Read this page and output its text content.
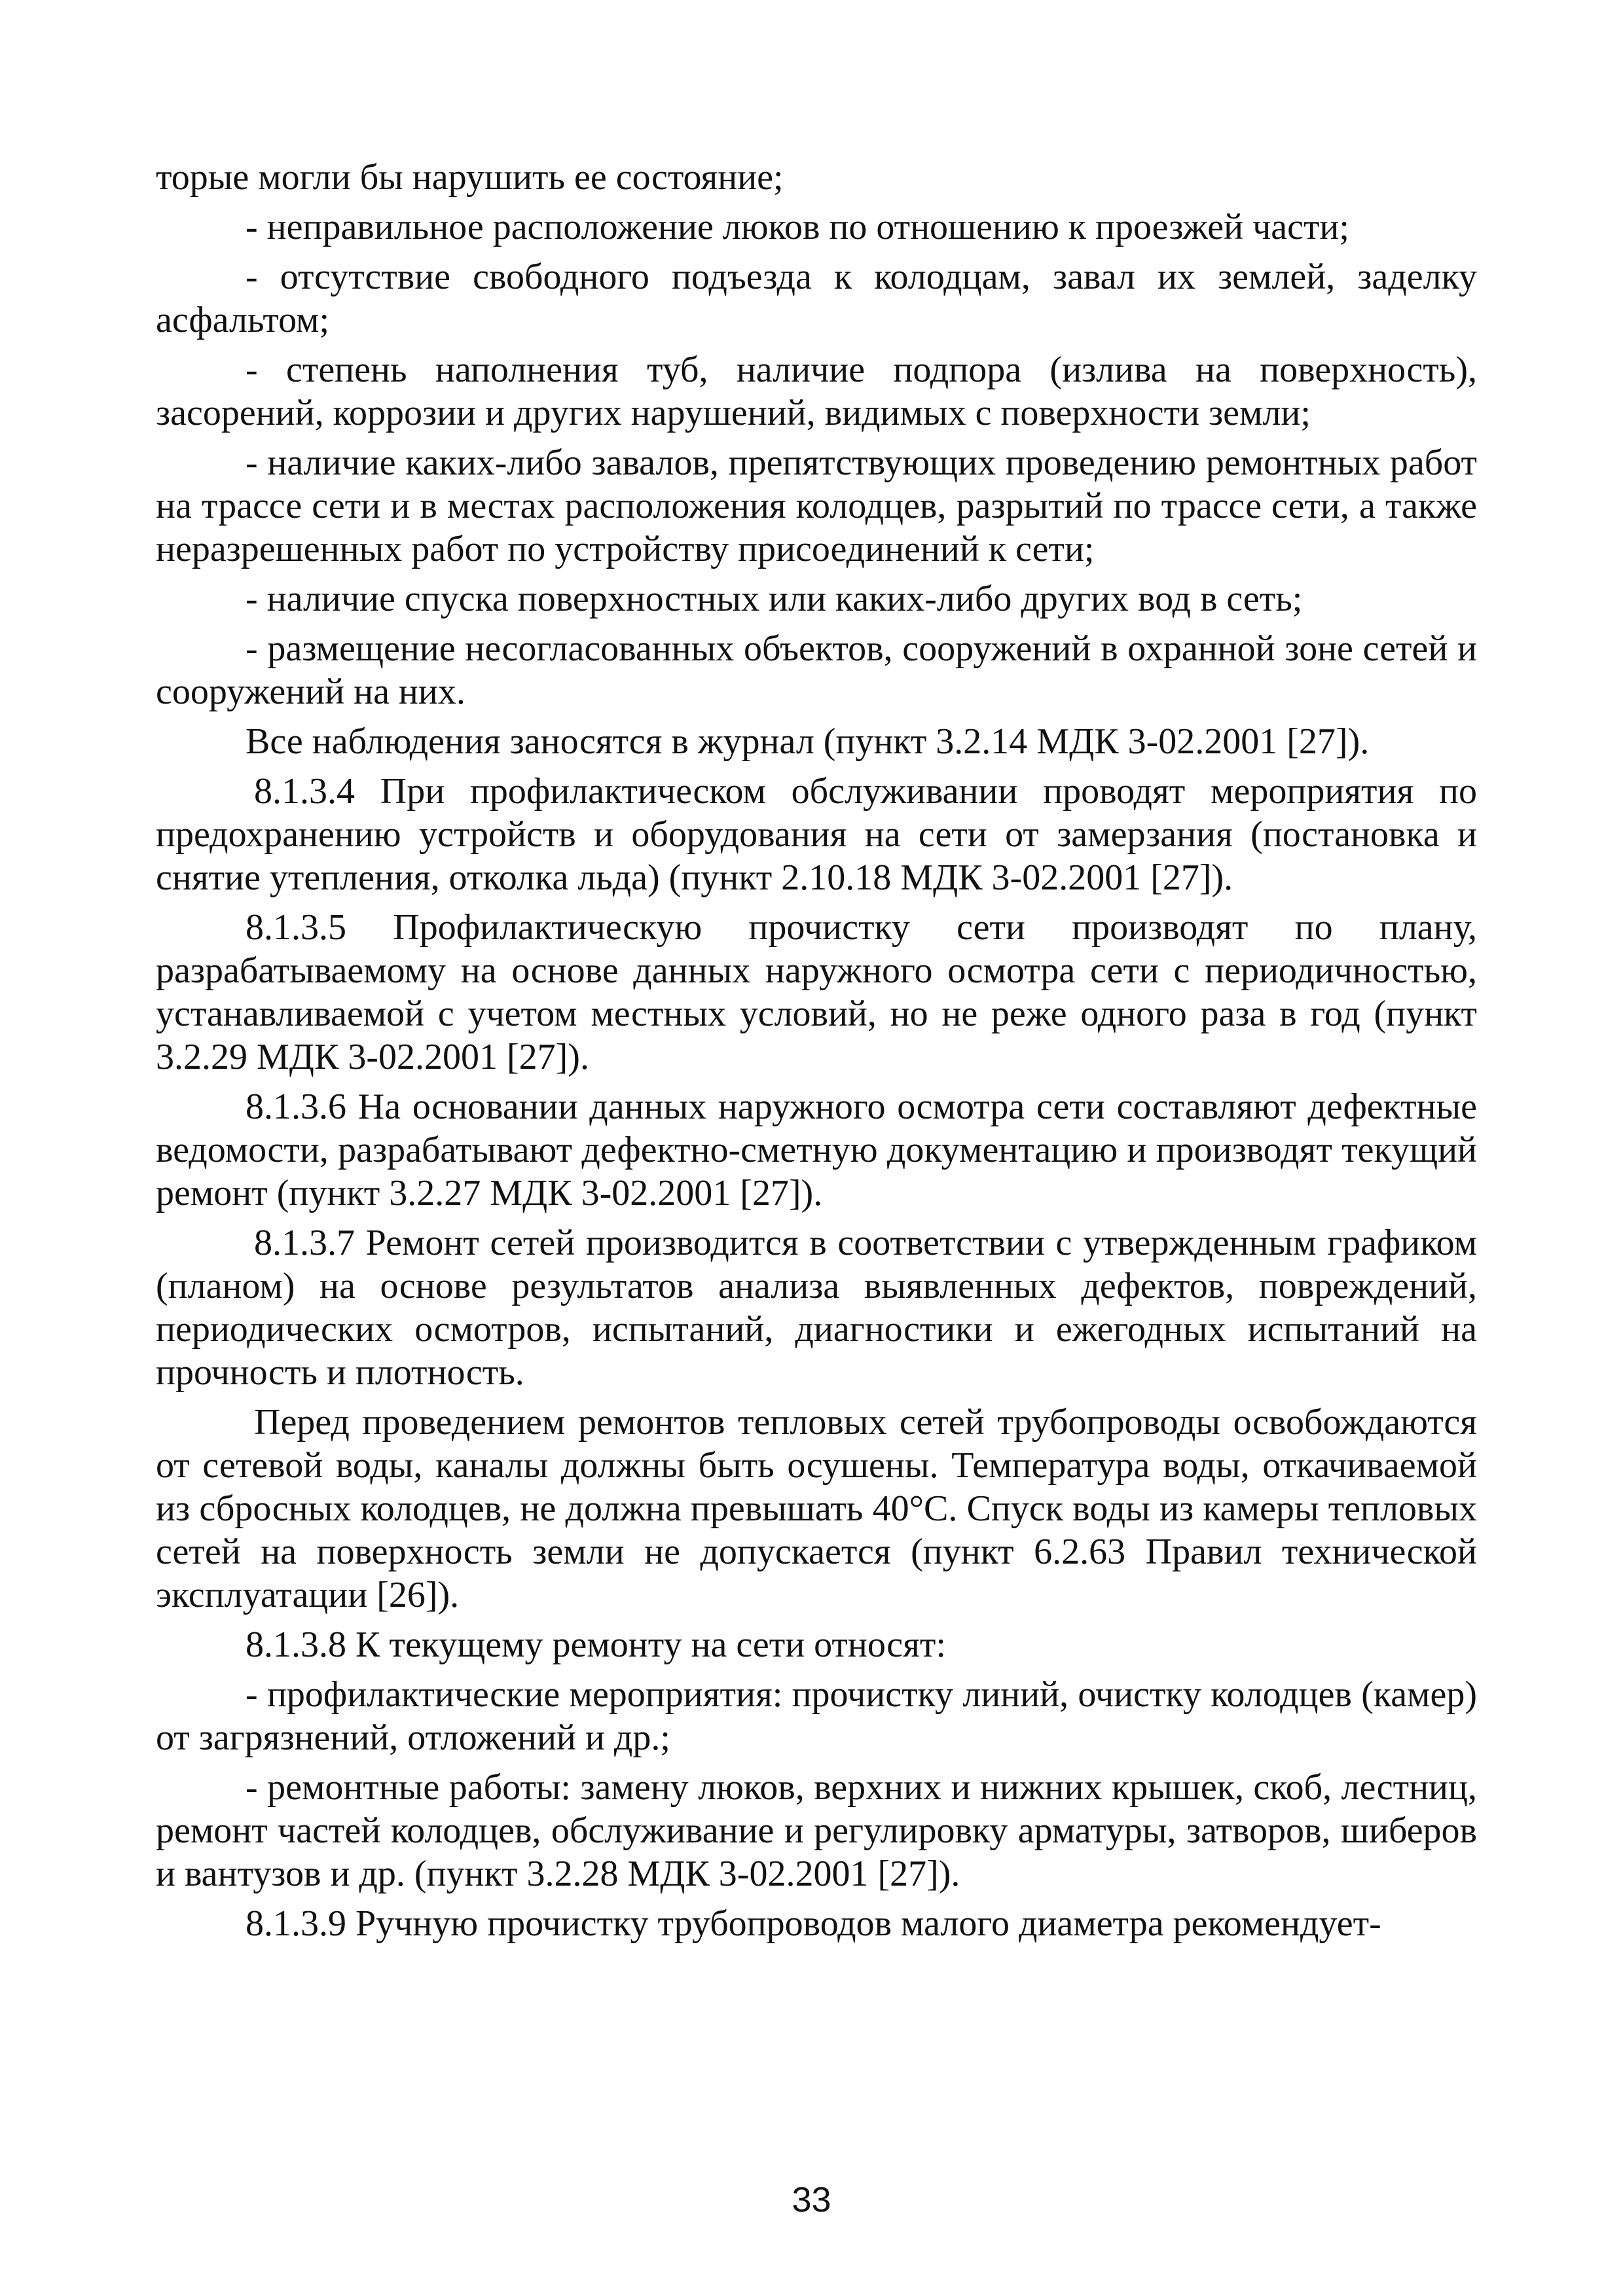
торые могли бы нарушить ее состояние;

- неправильное расположение люков по отношению к проезжей части;

- отсутствие свободного подъезда к колодцам, завал их землей, заделку асфальтом;

- степень наполнения туб, наличие подпора (излива на поверхность), засорений, коррозии и других нарушений, видимых с поверхности земли;

- наличие каких-либо завалов, препятствующих проведению ремонтных работ на трассе сети и в местах расположения колодцев, разрытий по трассе сети, а также неразрешенных работ по устройству присоединений к сети;

- наличие спуска поверхностных или каких-либо других вод в сеть;

- размещение несогласованных объектов, сооружений в охранной зоне сетей и сооружений на них.

Все наблюдения заносятся в журнал (пункт 3.2.14 МДК 3-02.2001 [27]).

8.1.3.4 При профилактическом обслуживании проводят мероприятия по предохранению устройств и оборудования на сети от замерзания (постановка и снятие утепления, отколка льда) (пункт 2.10.18 МДК 3-02.2001 [27]).

8.1.3.5 Профилактическую прочистку сети производят по плану, разрабатываемому на основе данных наружного осмотра сети с периодичностью, устанавливаемой с учетом местных условий, но не реже одного раза в год (пункт 3.2.29 МДК 3-02.2001 [27]).

8.1.3.6 На основании данных наружного осмотра сети составляют дефектные ведомости, разрабатывают дефектно-сметную документацию и производят текущий ремонт (пункт 3.2.27 МДК 3-02.2001 [27]).

8.1.3.7 Ремонт сетей производится в соответствии с утвержденным графиком (планом) на основе результатов анализа выявленных дефектов, повреждений, периодических осмотров, испытаний, диагностики и ежегодных испытаний на прочность и плотность.

Перед проведением ремонтов тепловых сетей трубопроводы освобождаются от сетевой воды, каналы должны быть осушены. Температура воды, откачиваемой из сбросных колодцев, не должна превышать 40°С. Спуск воды из камеры тепловых сетей на поверхность земли не допускается (пункт 6.2.63 Правил технической эксплуатации [26]).

8.1.3.8 К текущему ремонту на сети относят:

- профилактические мероприятия: прочистку линий, очистку колодцев (камер) от загрязнений, отложений и др.;

- ремонтные работы: замену люков, верхних и нижних крышек, скоб, лестниц, ремонт частей колодцев, обслуживание и регулировку арматуры, затворов, шиберов и вантузов и др. (пункт 3.2.28 МДК 3-02.2001 [27]).

8.1.3.9 Ручную прочистку трубопроводов малого диаметра рекомендует-

33
